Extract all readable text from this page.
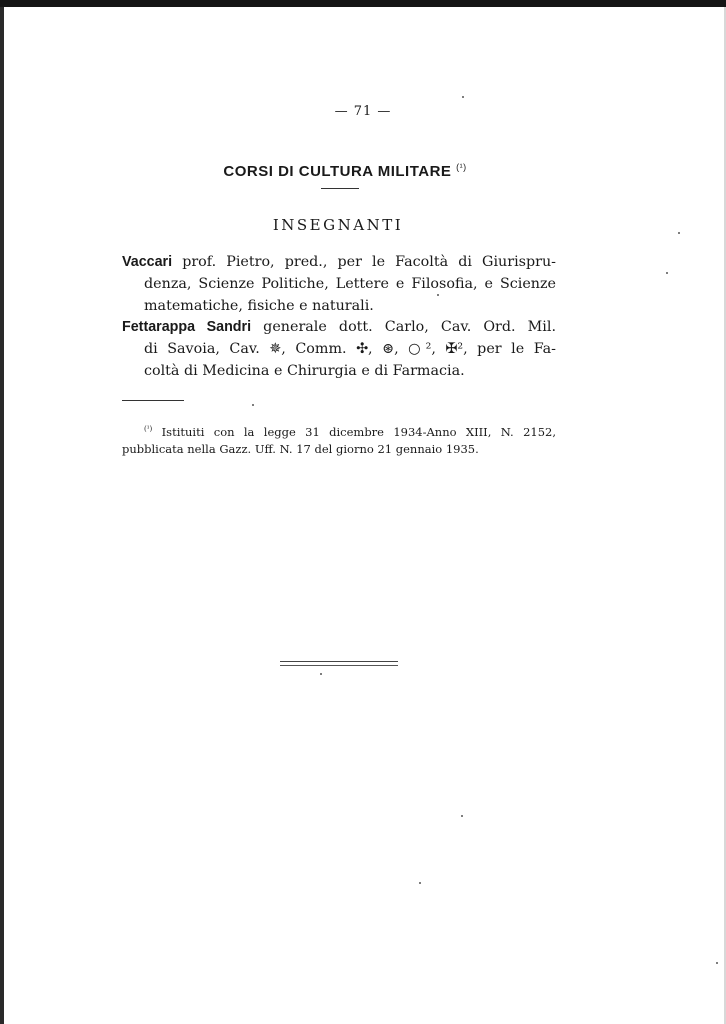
— 71 —
CORSI DI CULTURA MILITARE $^{(^1)}$
INSEGNANTI
Vaccari prof. Pietro, pred., per le Facoltà di Giurispru-
denza, Scienze Politiche, Lettere e Filosofia, e Scienze
matematiche, fisiche e naturali.
Fettarappa Sandri generale dott. Carlo, Cav. Ord. Mil.
di Savoia, Cav. ✵, Comm. ✣, ⊛, ○², ✠², per le Fa-
coltà di Medicina e Chirurgia e di Farmacia.
$^{(^1)}$ Istituiti con la legge 31 dicembre 1934-Anno XIII, N. 2152,
pubblicata nella Gazz. Uff. N. 17 del giorno 21 gennaio 1935.
